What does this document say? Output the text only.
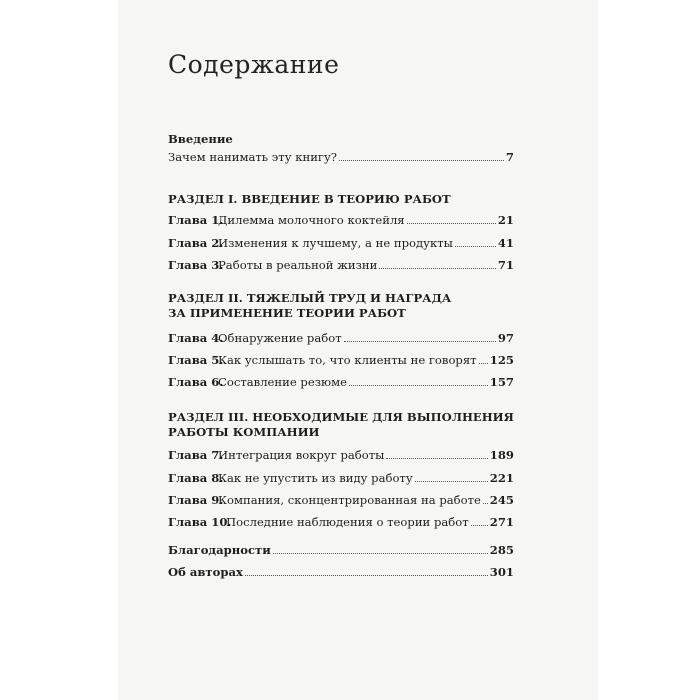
Содержание
Введение
Зачем нанимать эту книгу?	7
РАЗДЕЛ I. ВВЕДЕНИЕ В ТЕОРИЮ РАБОТ
Глава 1.
Дилемма молочного коктейля	21
Глава 2.
Изменения к лучшему, а не продукты	41
Глава 3.
Работы в реальной жизни	71
РАЗДЕЛ II. ТЯЖЕЛЫЙ ТРУД И НАГРАДА
ЗА ПРИМЕНЕНИЕ ТЕОРИИ РАБОТ
Глава 4.
Обнаружение работ	97
Глава 5.
Как услышать то, что клиенты не говорят 125
Глава 6.
Составление резюме	157
РАЗДЕЛ III. НЕОБХОДИМЫЕ ДЛЯ ВЫПОЛНЕНИЯ
РАБОТЫ КОМПАНИИ
Глава 7.
Интеграция вокруг работы	189
Глава 8.
Как не упустить из виду работу	221
Глава 9.
Компания, сконцентрированная на работе 245
Глава 10.
Последние наблюдения о теории работ 271
Благодарности	285
Об авторах	301
